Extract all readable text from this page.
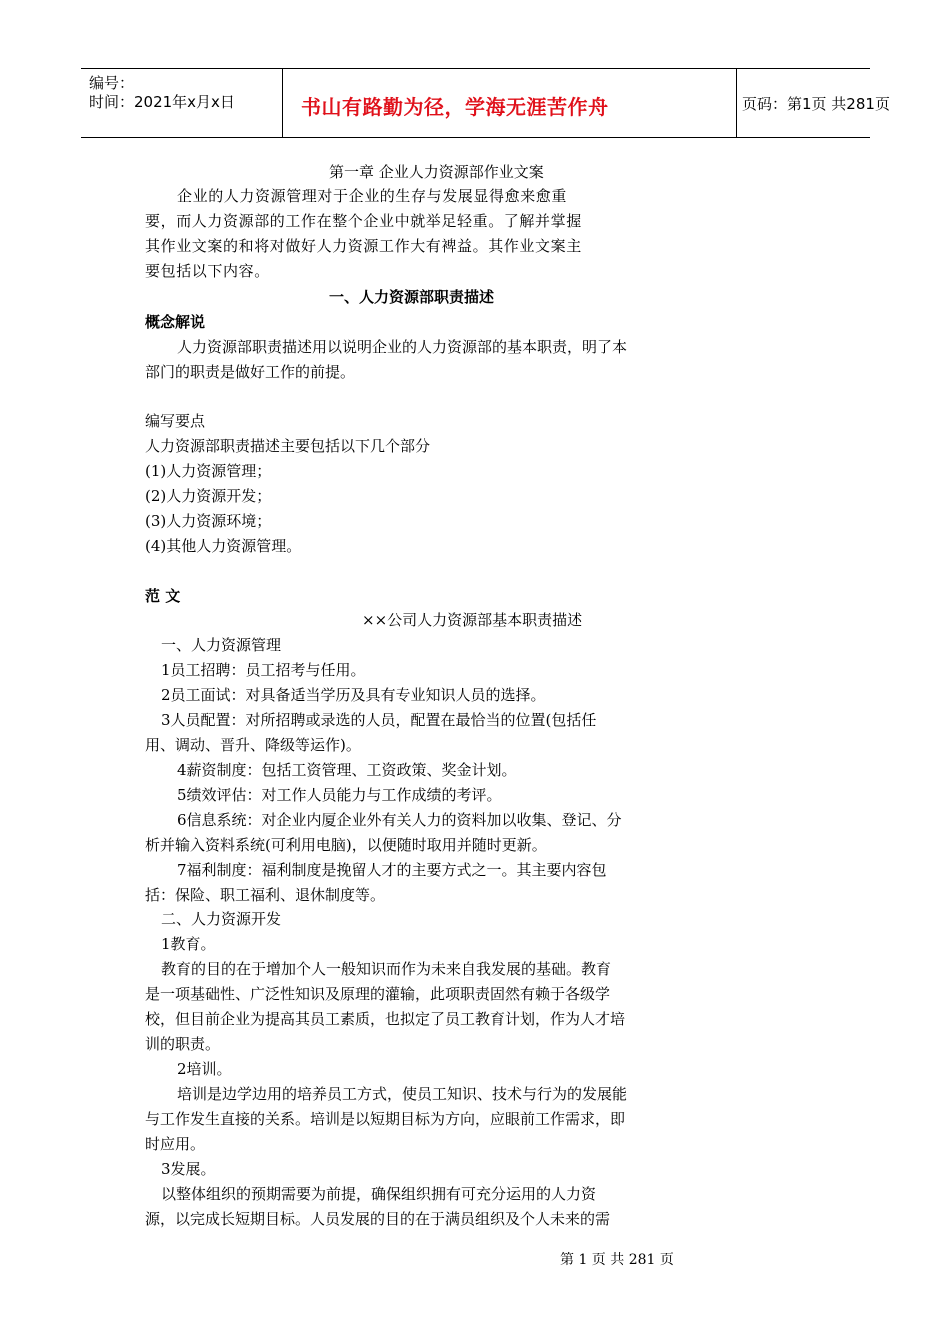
编号：
时间：2021年x月x日	书山有路勤为径，学海无涯苦作舟	页码：第1页 共281页
第一章 企业人力资源部作业文案
企业的人力资源管理对于企业的生存与发展显得愈来愈重
要，而人力资源部的工作在整个企业中就举足轻重。了解并掌握
其作业文案的和将对做好人力资源工作大有裨益。其作业文案主
要包括以下内容。
一、人力资源部职责描述
概念解说
人力资源部职责描述用以说明企业的人力资源部的基本职责，明了本
部门的职责是做好工作的前提。
编写要点
人力资源部职责描述主要包括以下几个部分
(1)人力资源管理；
(2)人力资源开发；
(3)人力资源环境；
(4)其他人力资源管理。
范 文
××公司人力资源部基本职责描述
一、人力资源管理
1员工招聘：员工招考与任用。
2员工面试：对具备适当学历及具有专业知识人员的选择。
3人员配置：对所招聘或录选的人员，配置在最恰当的位置(包括任
用、调动、晋升、降级等运作)。
4薪资制度：包括工资管理、工资政策、奖金计划。
5绩效评估：对工作人员能力与工作成绩的考评。
6信息系统：对企业内厦企业外有关人力的资料加以收集、登记、分
析并输入资料系统(可利用电脑)，以便随时取用并随时更新。
7福利制度：福利制度是挽留人才的主要方式之一。其主要内容包
括：保险、职工福利、退休制度等。
二、人力资源开发
1教育。
教育的目的在于增加个人一般知识而作为未来自我发展的基础。教育
是一项基础性、广泛性知识及原理的灌输，此项职责固然有赖于各级学
校，但目前企业为提高其员工素质，也拟定了员工教育计划，作为人才培
训的职责。
2培训。
培训是边学边用的培养员工方式，使员工知识、技术与行为的发展能
与工作发生直接的关系。培训是以短期目标为方向，应眼前工作需求，即
时应用。
3发展。
以整体组织的预期需要为前提，确保组织拥有可充分运用的人力资
源，以完成长短期目标。人员发展的目的在于满员组织及个人未来的需
第 1 页 共 281 页
